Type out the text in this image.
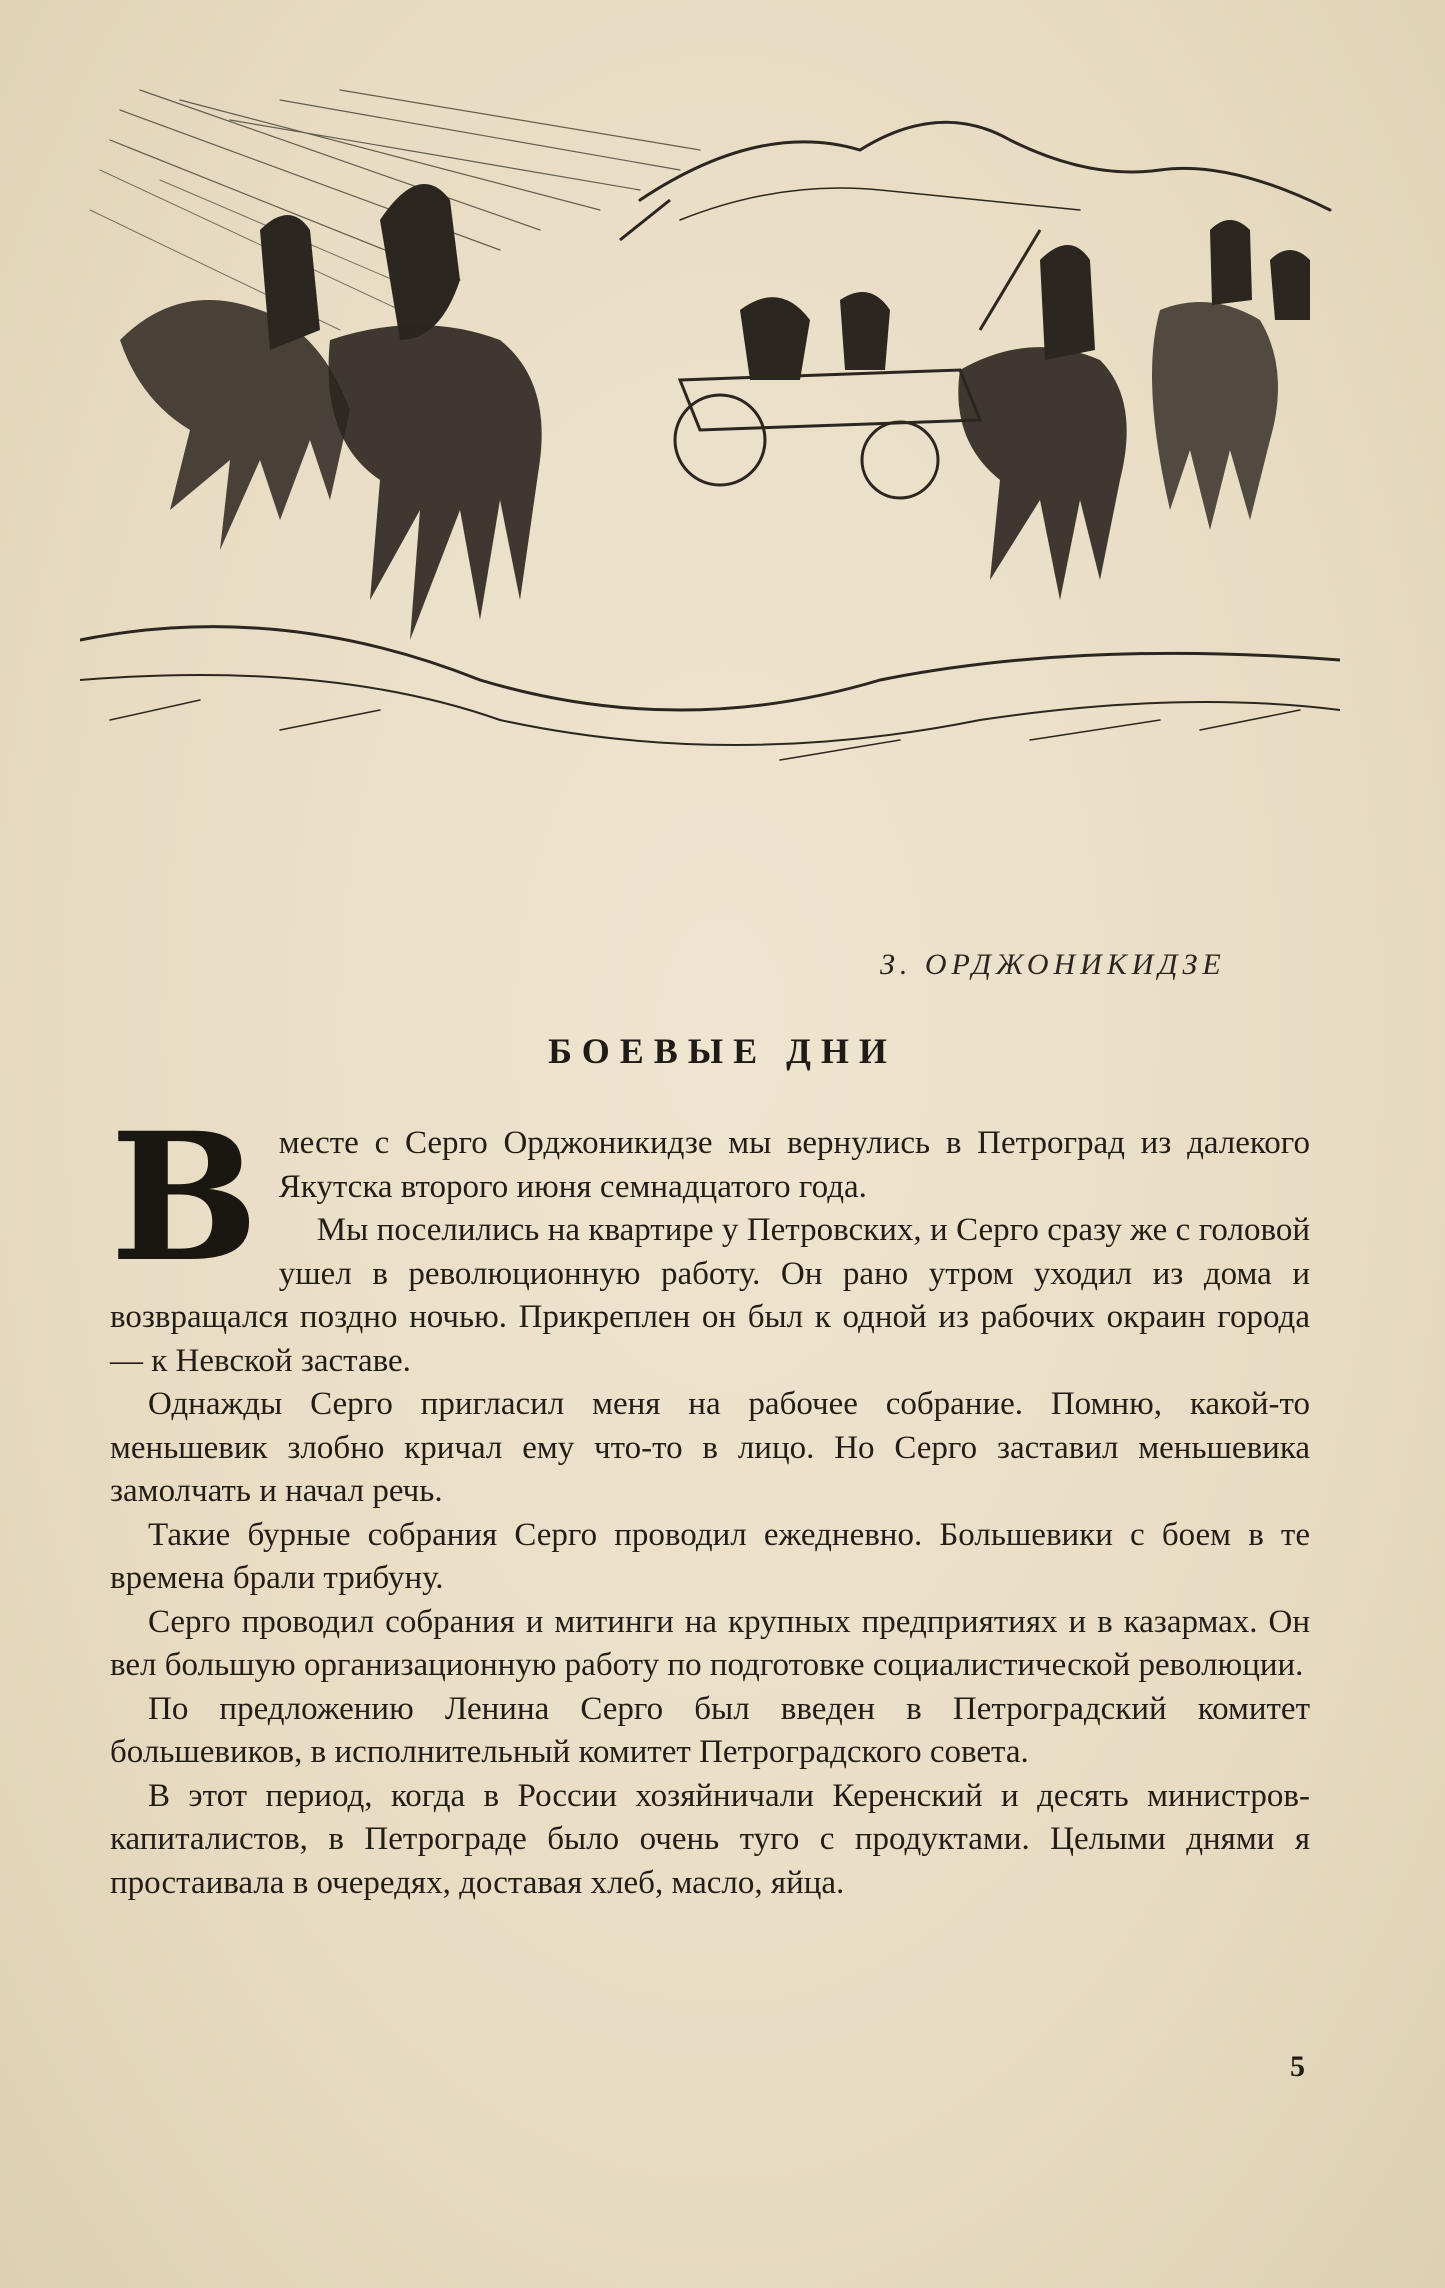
З. ОРДЖОНИКИДЗЕ
БОЕВЫЕ ДНИ
В месте с Серго Орджоникидзе мы вернулись в Петроград из далекого Якутска второго июня семнадцатого года.

Мы поселились на квартире у Петровских, и Серго сразу же с головой ушел в революционную работу. Он рано утром уходил из дома и возвращался поздно ночью. Прикреплен он был к одной из рабочих окраин города — к Невской заставе.

Однажды Серго пригласил меня на рабочее собрание. Помню, какой-то меньшевик злобно кричал ему что-то в лицо. Но Серго заставил меньшевика замолчать и начал речь.

Такие бурные собрания Серго проводил ежедневно. Большевики с боем в те времена брали трибуну.

Серго проводил собрания и митинги на крупных предприятиях и в казармах. Он вел большую организационную работу по подготовке социалистической революции.

По предложению Ленина Серго был введен в Петроградский комитет большевиков, в исполнительный комитет Петроградского совета.

В этот период, когда в России хозяйничали Керенский и десять министров-капиталистов, в Петрограде было очень туго с продуктами. Целыми днями я простаивала в очередях, доставая хлеб, масло, яйца.

5
